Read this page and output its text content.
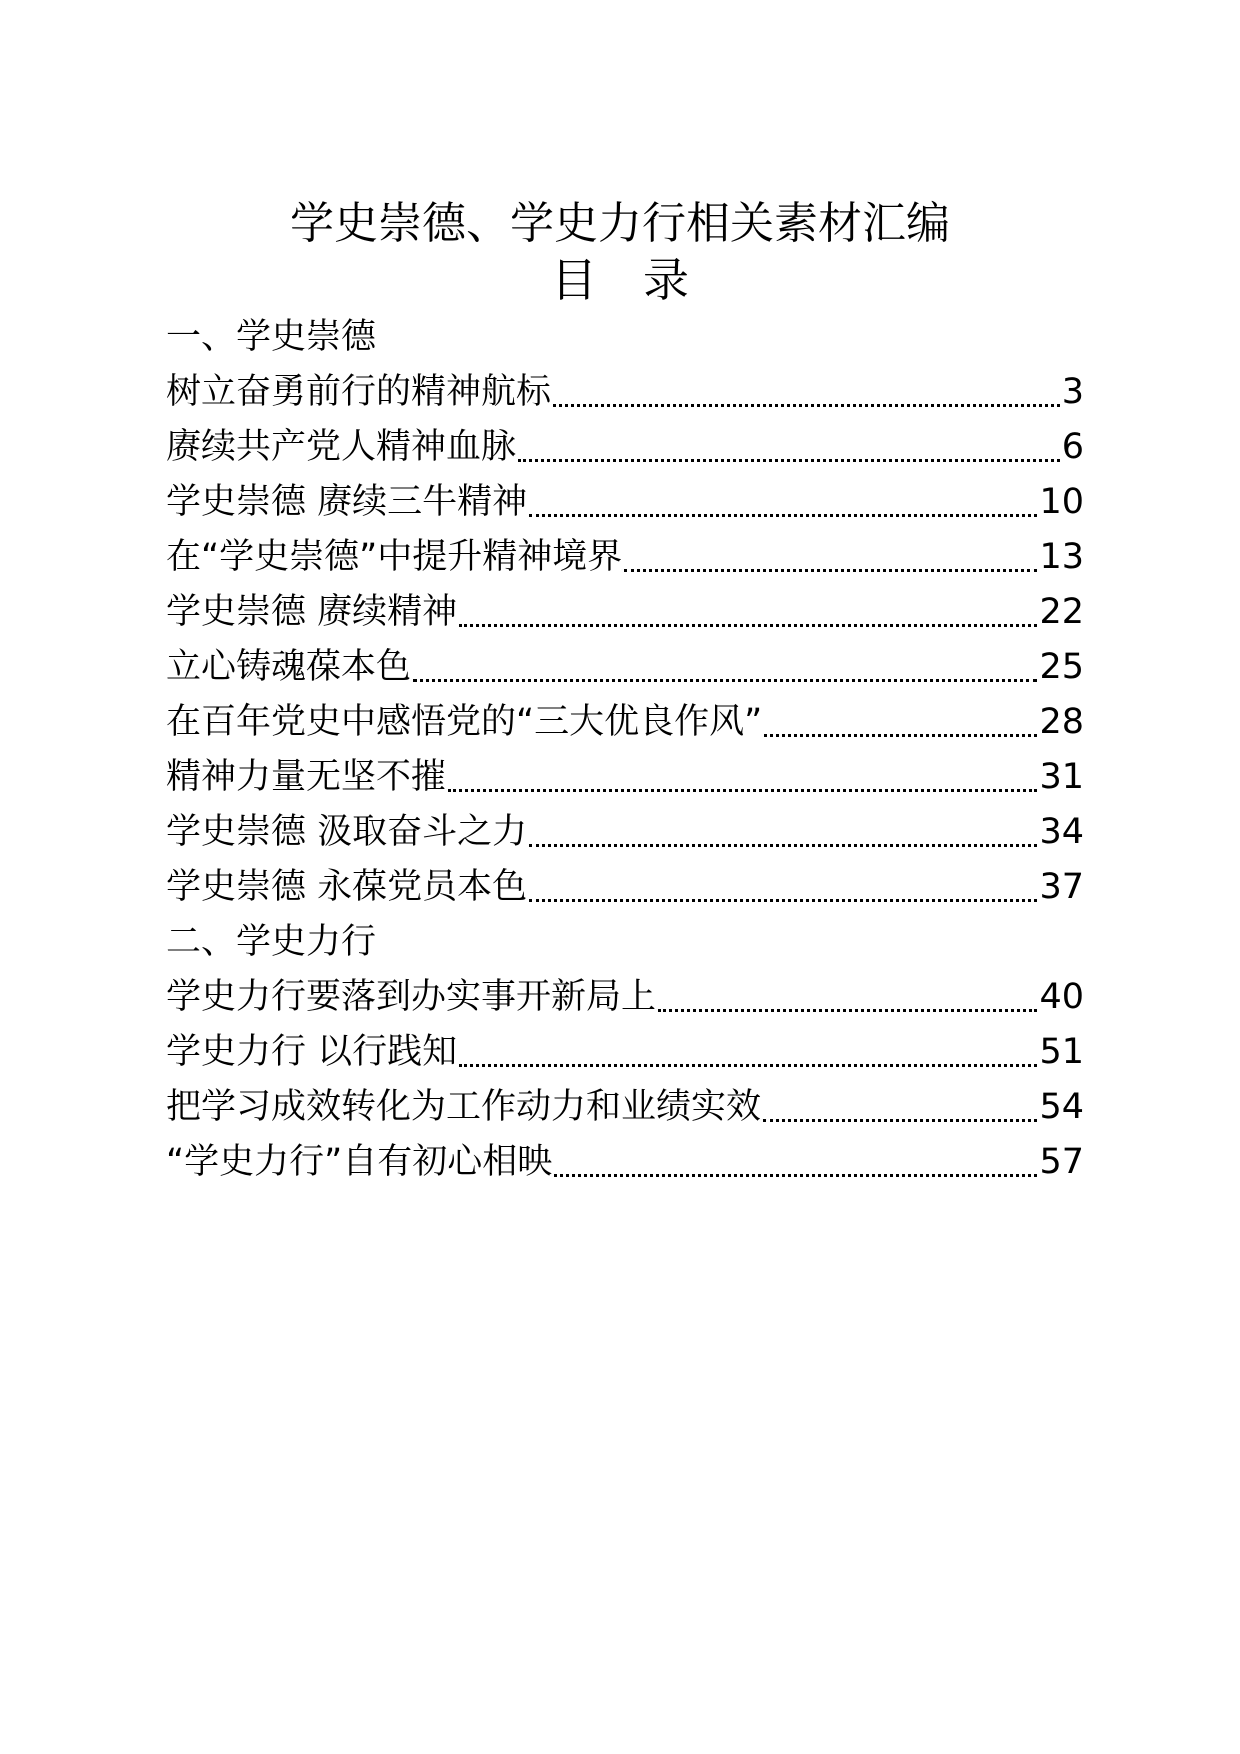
学史崇德、学史力行相关素材汇编
目　录
一、学史崇德
树立奋勇前行的精神航标	3
赓续共产党人精神血脉	6
学史崇德 赓续三牛精神	10
在“学史崇德”中提升精神境界	13
学史崇德 赓续精神	22
立心铸魂葆本色	25
在百年党史中感悟党的“三大优良作风”	28
精神力量无坚不摧	31
学史崇德 汲取奋斗之力	34
学史崇德 永葆党员本色	37
二、学史力行
学史力行要落到办实事开新局上	40
学史力行 以行践知	51
把学习成效转化为工作动力和业绩实效	54
“学史力行”自有初心相映	57
